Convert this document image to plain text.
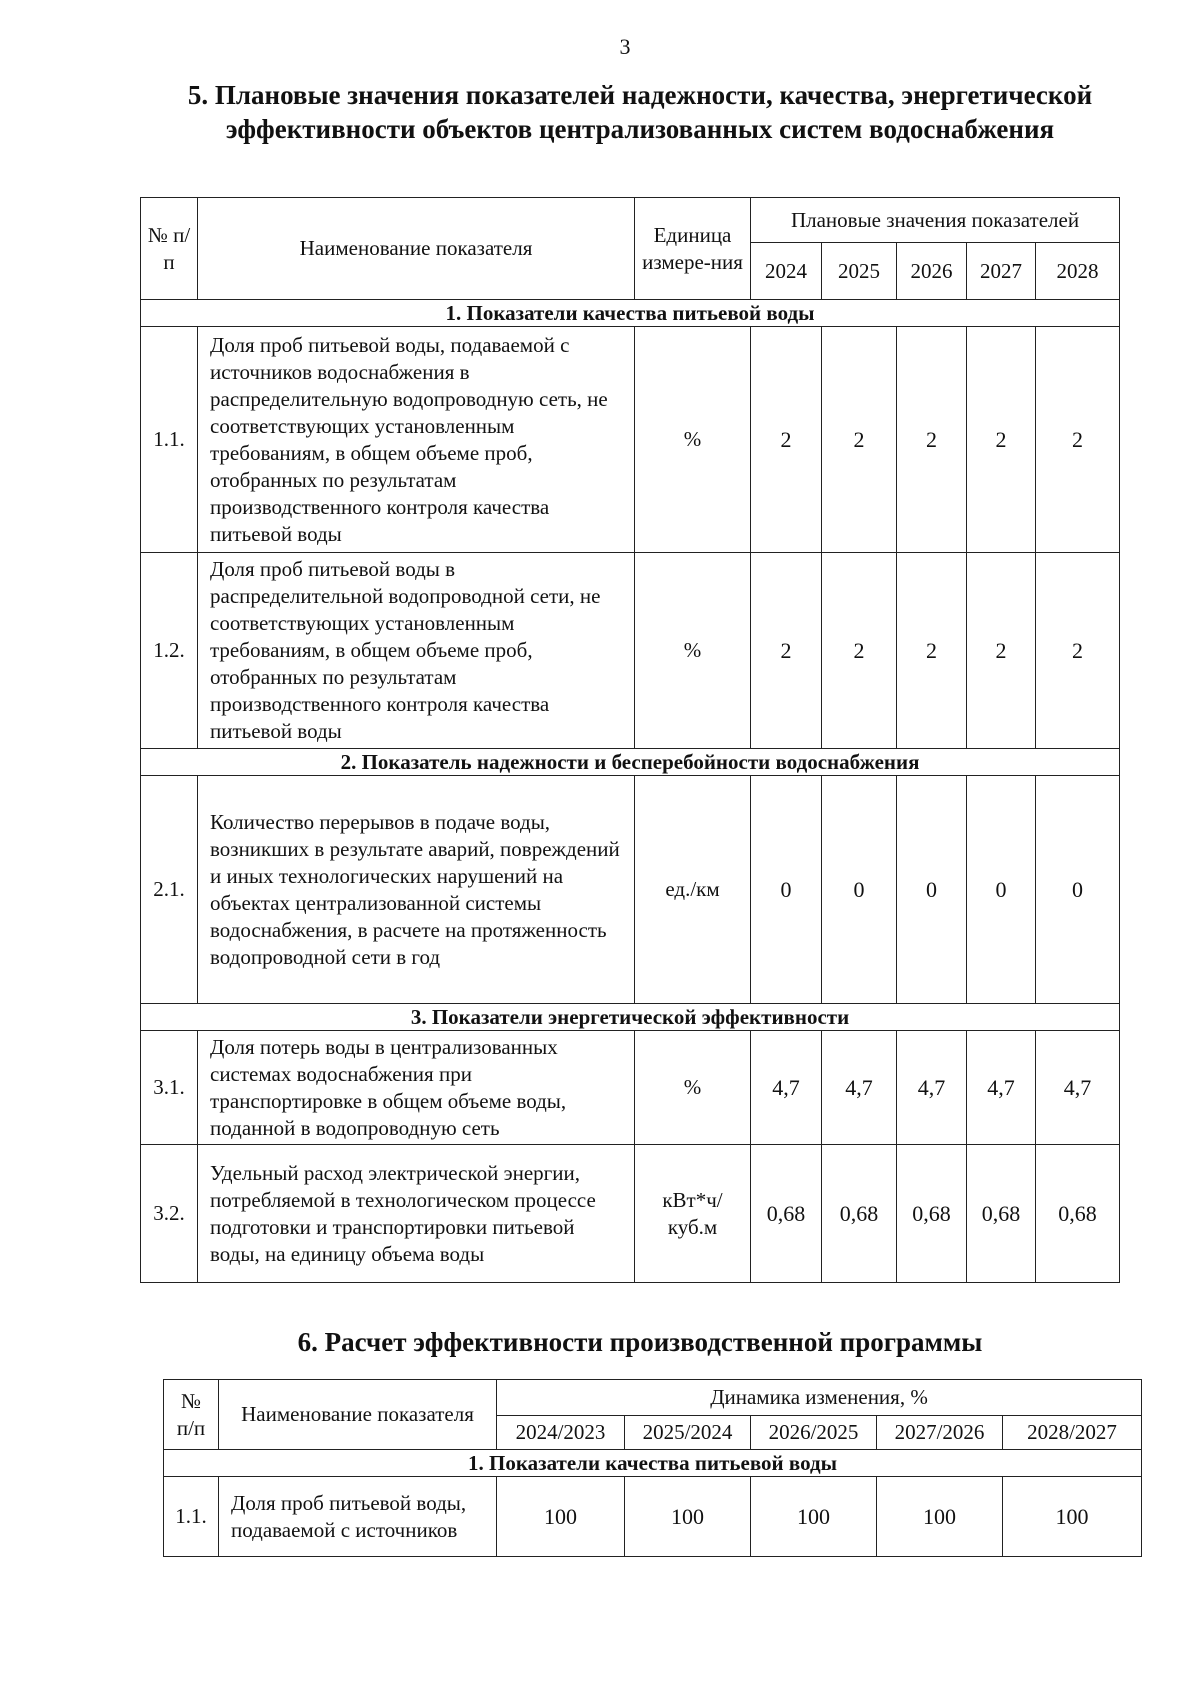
3
5. Плановые значения показателей надежности, качества, энергетической эффективности объектов централизованных систем водоснабжения
№ п/п	Наименование показателя	Единица измере-ния	Плановые значения показателей				
			2024	2025	2026	2027	2028
1. Показатели качества питьевой воды							
1.1.	Доля проб питьевой воды, подаваемой с источников водоснабжения в распределительную водопроводную сеть, не соответствующих установленным требованиям, в общем объеме проб, отобранных по результатам производственного контроля качества питьевой воды	%	2	2	2	2	2
1.2.	Доля проб питьевой воды в распределительной водопроводной сети, не соответствующих установленным требованиям, в общем объеме проб, отобранных по результатам производственного контроля качества питьевой воды	%	2	2	2	2	2
2. Показатель надежности и бесперебойности водоснабжения							
2.1.	Количество перерывов в подаче воды, возникших в результате аварий, повреждений и иных технологических нарушений на объектах централизованной системы водоснабжения, в расчете на протяженность водопроводной сети в год	ед./км	0	0	0	0	0
3. Показатели энергетической эффективности							
3.1.	Доля потерь воды в централизованных системах водоснабжения при транспортировке в общем объеме воды, поданной в водопроводную сеть	%	4,7	4,7	4,7	4,7	4,7
3.2.	Удельный расход электрической энергии, потребляемой в технологическом процессе подготовки и транспортировки питьевой воды, на единицу объема воды	кВт*ч/ куб.м	0,68	0,68	0,68	0,68	0,68
6. Расчет эффективности производственной программы
№ п/п	Наименование показателя	Динамика изменения, %				
		2024/2023	2025/2024	2026/2025	2027/2026	2028/2027
1. Показатели качества питьевой воды						
1.1.	Доля проб питьевой воды, подаваемой с источников	100	100	100	100	100
